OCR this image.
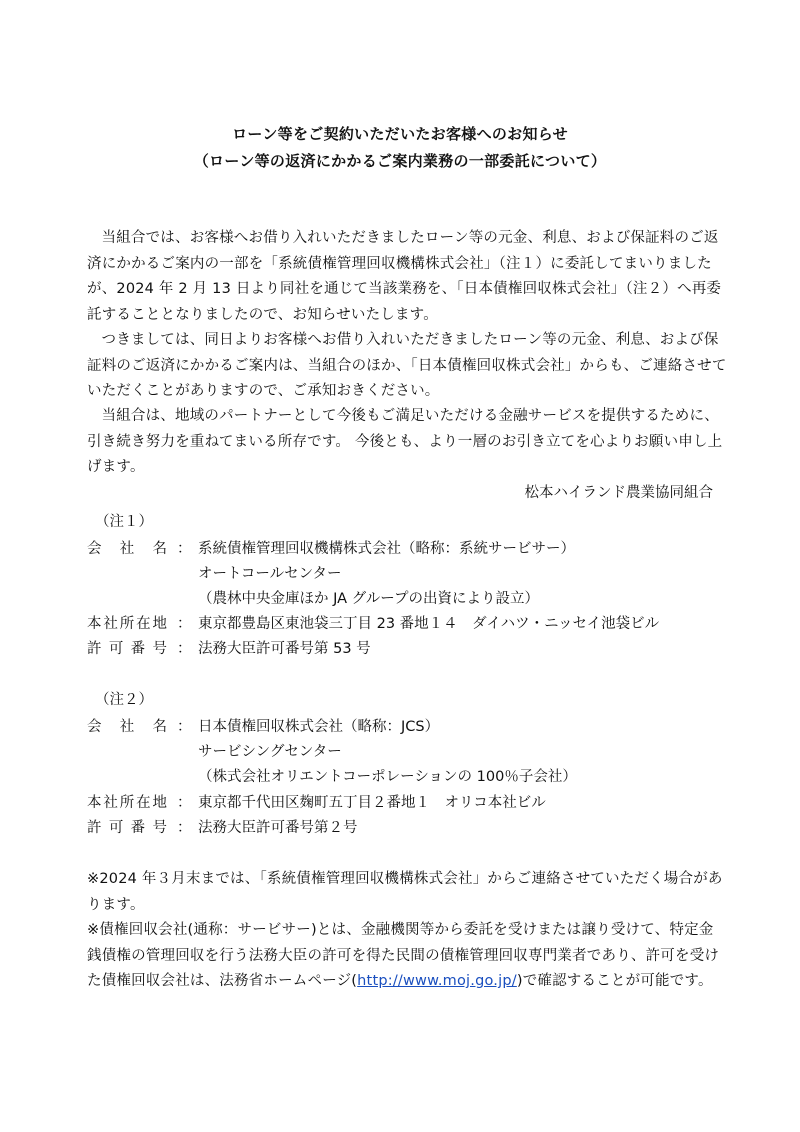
ローン等をご契約いただいたお客様へのお知らせ
（ローン等の返済にかかるご案内業務の一部委託について）
当組合では、お客様へお借り入れいただきましたローン等の元金、利息、および保証料のご返済にかかるご案内の一部を「系統債権管理回収機構株式会社」（注１）に委託してまいりましたが、2024 年 2 月 13 日より同社を通じて当該業務を、「日本債権回収株式会社」（注２）へ再委託することとなりましたので、お知らせいたします。
つきましては、同日よりお客様へお借り入れいただきましたローン等の元金、利息、および保証料のご返済にかかるご案内は、当組合のほか、「日本債権回収株式会社」からも、ご連絡させていただくことがありますので、ご承知おきください。
当組合は、地域のパートナーとして今後もご満足いただける金融サービスを提供するために、引き続き努力を重ねてまいる所存です。 今後とも、より一層のお引き立てを心よりお願い申し上げます。
松本ハイランド農業協同組合
（注１）
会社名 ： 系統債権管理回収機構株式会社（略称：系統サービサー）
オートコールセンター
（農林中央金庫ほか JA グループの出資により設立）
本社所在地 ： 東京都豊島区東池袋三丁目 23 番地１４　ダイハツ・ニッセイ池袋ビル
許可番号 ： 法務大臣許可番号第 53 号
（注２）
会社名 ： 日本債権回収株式会社（略称：JCS）
サービシングセンター
（株式会社オリエントコーポレーションの 100％子会社）
本社所在地 ： 東京都千代田区麹町五丁目２番地１　オリコ本社ビル
許可番号 ： 法務大臣許可番号第２号
※2024 年３月末までは、「系統債権管理回収機構株式会社」からご連絡させていただく場合があります。
※債権回収会社(通称：サービサー)とは、金融機関等から委託を受けまたは譲り受けて、特定金銭債権の管理回収を行う法務大臣の許可を得た民間の債権管理回収専門業者であり、許可を受けた債権回収会社は、法務省ホームページ(http://www.moj.go.jp/)で確認することが可能です。
